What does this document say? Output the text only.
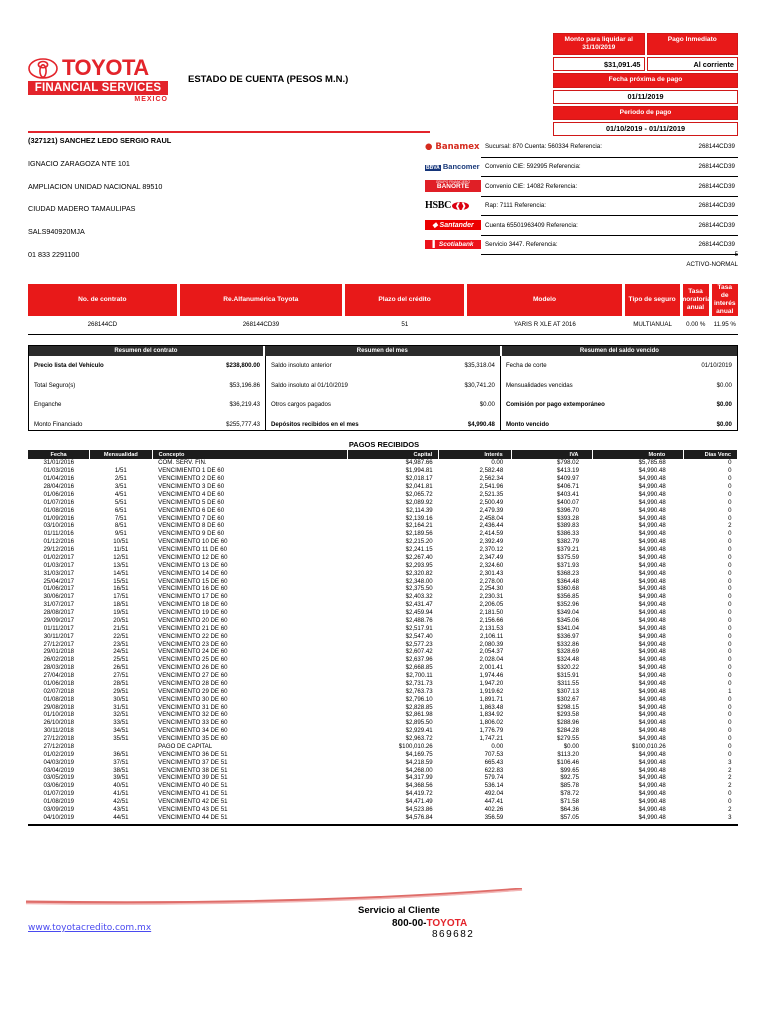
TOYOTA
FINANCIAL SERVICES
MEXICO
ESTADO DE CUENTA (PESOS M.N.)
Monto para liquidar al 31/10/2019
Pago Inmediato
$31,091.45	Al corriente
Fecha próxima de pago
01/11/2019
Periodo de pago
01/10/2019 - 01/11/2019
(327121) SANCHEZ LEDO SERGIO RAUL
IGNACIO ZARAGOZA NTE 101
AMPLIACION UNIDAD NACIONAL 89510
CIUDAD MADERO TAMAULIPAS
SALS940920MJA
01 833 2291100
● Banamex Sucursal: 870 Cuenta: 560334 Referencia:	268144CD39
BBVA Bancomer Convenio CIE: 592995 Referencia:	268144CD39
GRUPO FINANCIERO
BANORTE	Convenio CIE: 14082 Referencia:	268144CD39
HSBC ❰❱	Rap: 7111 Referencia:	268144CD39
◆ Santander	Cuenta 65501963409 Referencia:	268144CD39
▌ Scotiabank	Servicio 3447. Referencia:	268144CD39
5
ACTIVO-NORMAL
No. de contrato	Re.Alfanumérica Toyota	Plazo del crédito	Modelo	Tipo de seguro
Tasa moratoria anual
Tasa de interés anual
268144CD	268144CD39	51	YARIS R XLE AT 2016	MULTIANUAL	0.00 %	11.95 %
Resumen del contrato	Resumen del mes	Resumen del saldo vencido
Precio lista del Vehículo	$238,800.00
Total Seguro(s)	$53,196.86
Enganche	$36,219.43
Monto Financiado	$255,777.43
Saldo insoluto anterior	$35,318.04
Saldo insoluto al 01/10/2019	$30,741.20
Otros cargos pagados	$0.00
Depósitos recibidos en el mes	$4,990.48
Fecha de corte	01/10/2019
Mensualidades vencidas	$0.00
Comisión por pago extemporáneo	$0.00
Monto vencido	$0.00
PAGOS RECIBIDOS
Fecha	Mensualidad	Concepto	Capital	Interés	IVA	Monto	Días Venc
31/01/2016		COM. SERV. FIN.	$4,987.66	0.00	$798.02	$5,785.68	0
01/03/2016	1/51	VENCIMIENTO 1 DE 60	$1,994.81	2,582.48	$413.19	$4,990.48	0
01/04/2016	2/51	VENCIMIENTO 2 DE 60	$2,018.17	2,562.34	$409.97	$4,990.48	0
28/04/2016	3/51	VENCIMIENTO 3 DE 60	$2,041.81	2,541.96	$406.71	$4,990.48	0
01/06/2016	4/51	VENCIMIENTO 4 DE 60	$2,065.72	2,521.35	$403.41	$4,990.48	0
01/07/2016	5/51	VENCIMIENTO 5 DE 60	$2,089.92	2,500.49	$400.07	$4,990.48	0
01/08/2016	6/51	VENCIMIENTO 6 DE 60	$2,114.39	2,479.39	$396.70	$4,990.48	0
01/09/2016	7/51	VENCIMIENTO 7 DE 60	$2,139.16	2,458.04	$393.28	$4,990.48	0
03/10/2016	8/51	VENCIMIENTO 8 DE 60	$2,164.21	2,436.44	$389.83	$4,990.48	2
01/11/2016	9/51	VENCIMIENTO 9 DE 60	$2,189.56	2,414.59	$386.33	$4,990.48	0
01/12/2016	10/51	VENCIMIENTO 10 DE 60	$2,215.20	2,392.49	$382.79	$4,990.48	0
29/12/2016	11/51	VENCIMIENTO 11 DE 60	$2,241.15	2,370.12	$379.21	$4,990.48	0
01/02/2017	12/51	VENCIMIENTO 12 DE 60	$2,267.40	2,347.49	$375.59	$4,990.48	0
01/03/2017	13/51	VENCIMIENTO 13 DE 60	$2,293.95	2,324.60	$371.93	$4,990.48	0
31/03/2017	14/51	VENCIMIENTO 14 DE 60	$2,320.82	2,301.43	$368.23	$4,990.48	0
25/04/2017	15/51	VENCIMIENTO 15 DE 60	$2,348.00	2,278.00	$364.48	$4,990.48	0
01/06/2017	16/51	VENCIMIENTO 16 DE 60	$2,375.50	2,254.30	$360.68	$4,990.48	0
30/06/2017	17/51	VENCIMIENTO 17 DE 60	$2,403.32	2,230.31	$356.85	$4,990.48	0
31/07/2017	18/51	VENCIMIENTO 18 DE 60	$2,431.47	2,206.05	$352.96	$4,990.48	0
28/08/2017	19/51	VENCIMIENTO 19 DE 60	$2,459.94	2,181.50	$349.04	$4,990.48	0
29/09/2017	20/51	VENCIMIENTO 20 DE 60	$2,488.76	2,156.66	$345.06	$4,990.48	0
01/11/2017	21/51	VENCIMIENTO 21 DE 60	$2,517.91	2,131.53	$341.04	$4,990.48	0
30/11/2017	22/51	VENCIMIENTO 22 DE 60	$2,547.40	2,106.11	$336.97	$4,990.48	0
27/12/2017	23/51	VENCIMIENTO 23 DE 60	$2,577.23	2,080.39	$332.86	$4,990.48	0
29/01/2018	24/51	VENCIMIENTO 24 DE 60	$2,607.42	2,054.37	$328.69	$4,990.48	0
26/02/2018	25/51	VENCIMIENTO 25 DE 60	$2,637.96	2,028.04	$324.48	$4,990.48	0
28/03/2018	26/51	VENCIMIENTO 26 DE 60	$2,668.85	2,001.41	$320.22	$4,990.48	0
27/04/2018	27/51	VENCIMIENTO 27 DE 60	$2,700.11	1,974.46	$315.91	$4,990.48	0
01/06/2018	28/51	VENCIMIENTO 28 DE 60	$2,731.73	1,947.20	$311.55	$4,990.48	0
02/07/2018	29/51	VENCIMIENTO 29 DE 60	$2,763.73	1,919.62	$307.13	$4,990.48	1
01/08/2018	30/51	VENCIMIENTO 30 DE 60	$2,796.10	1,891.71	$302.67	$4,990.48	0
29/08/2018	31/51	VENCIMIENTO 31 DE 60	$2,828.85	1,863.48	$298.15	$4,990.48	0
01/10/2018	32/51	VENCIMIENTO 32 DE 60	$2,861.98	1,834.92	$293.58	$4,990.48	0
26/10/2018	33/51	VENCIMIENTO 33 DE 60	$2,895.50	1,806.02	$288.96	$4,990.48	0
30/11/2018	34/51	VENCIMIENTO 34 DE 60	$2,929.41	1,776.79	$284.28	$4,990.48	0
27/12/2018	35/51	VENCIMIENTO 35 DE 60	$2,963.72	1,747.21	$279.55	$4,990.48	0
27/12/2018		PAGO DE CAPITAL	$100,010.26	0.00	$0.00	$100,010.26	0
01/02/2019	36/51	VENCIMIENTO 36 DE 51	$4,169.75	707.53	$113.20	$4,990.48	0
04/03/2019	37/51	VENCIMIENTO 37 DE 51	$4,218.59	665.43	$106.46	$4,990.48	3
03/04/2019	38/51	VENCIMIENTO 38 DE 51	$4,268.00	622.83	$99.65	$4,990.48	2
03/05/2019	39/51	VENCIMIENTO 39 DE 51	$4,317.99	579.74	$92.75	$4,990.48	2
03/06/2019	40/51	VENCIMIENTO 40 DE 51	$4,368.56	536.14	$85.78	$4,990.48	2
01/07/2019	41/51	VENCIMIENTO 41 DE 51	$4,419.72	492.04	$78.72	$4,990.48	0
01/08/2019	42/51	VENCIMIENTO 42 DE 51	$4,471.49	447.41	$71.58	$4,990.48	0
03/09/2019	43/51	VENCIMIENTO 43 DE 51	$4,523.86	402.26	$64.36	$4,990.48	2
04/10/2019	44/51	VENCIMIENTO 44 DE 51	$4,576.84	356.59	$57.05	$4,990.48	3
www.toyotacredito.com.mx
Servicio al Cliente
800-00-TOYOTA
869682
